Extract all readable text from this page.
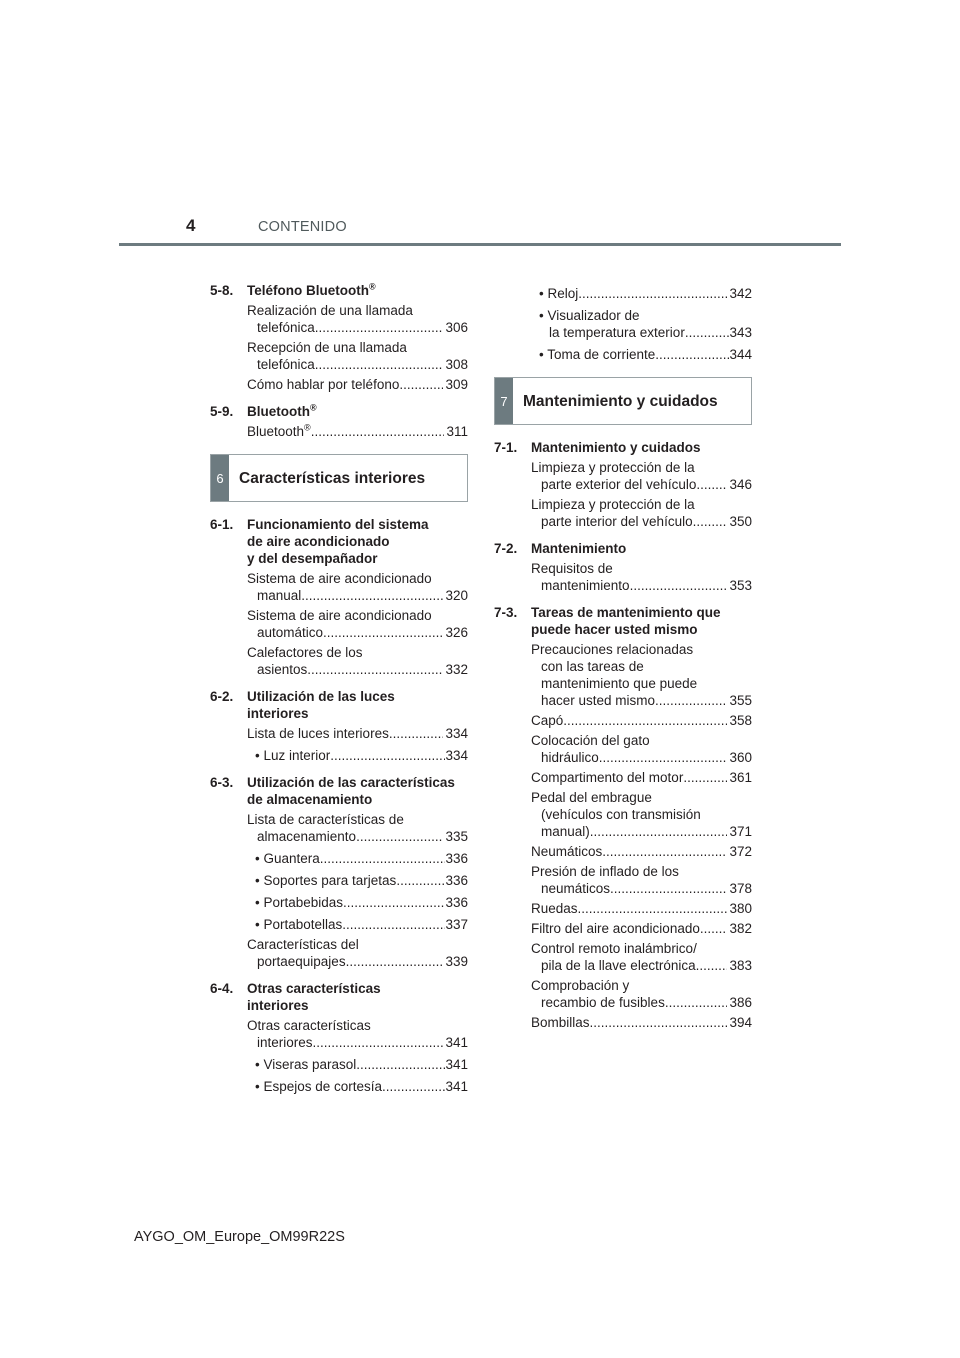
4	CONTENIDO
5-8.	Teléfono Bluetooth®
Realización de una llamada
telefónica .....	306
Recepción de una llamada
telefónica .....	308
Cómo hablar por teléfono .....	309
5-9.	Bluetooth®
Bluetooth® .....	311
6 Características interiores
6-1.	Funcionamiento del sistema
de aire acondicionado
y del desempañador
Sistema de aire acondicionado
manual .....	320
Sistema de aire acondicionado
automático .....	326
Calefactores de los
asientos .....	332
6-2.	Utilización de las luces
interiores
Lista de luces interiores .....	334
• Luz interior .....	334
6-3.	Utilización de las características
de almacenamiento
Lista de características de
almacenamiento .....	335
• Guantera .....	336
• Soportes para tarjetas .....	336
• Portabebidas .....	336
• Portabotellas .....	337
Características del
portaequipajes .....	339
6-4.	Otras características
interiores
Otras características
interiores .....	341
• Viseras parasol .....	341
• Espejos de cortesía .....	341
• Reloj .....	342
• Visualizador de
la temperatura exterior .....	343
• Toma de corriente .....	344
7 Mantenimiento y cuidados
7-1.	Mantenimiento y cuidados
Limpieza y protección de la
parte exterior del vehículo ..... 346
Limpieza y protección de la
parte interior del vehículo .....	350
7-2.	Mantenimiento
Requisitos de
mantenimiento .....	353
7-3.	Tareas de mantenimiento que
puede hacer usted mismo
Precauciones relacionadas
con las tareas de
mantenimiento que puede
hacer usted mismo .....	355
Capó .....	358
Colocación del gato
hidráulico .....	360
Compartimento del motor .....	361
Pedal del embrague
(vehículos con transmisión
manual) .....	371
Neumáticos .....	372
Presión de inflado de los
neumáticos .....	378
Ruedas .....	380
Filtro del aire acondicionado ..... 382
Control remoto inalámbrico/
pila de la llave electrónica .....	383
Comprobación y
recambio de fusibles .....	386
Bombillas .....	394
AYGO_OM_Europe_OM99R22S
